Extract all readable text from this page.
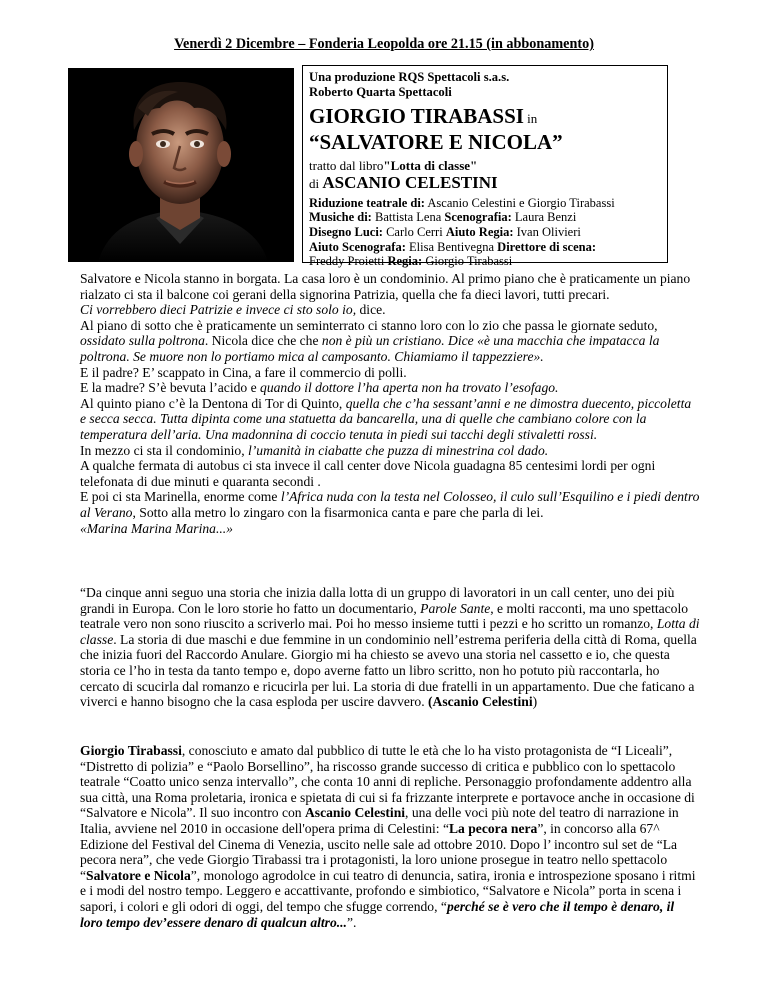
Venerdì 2 Dicembre – Fonderia Leopolda ore 21.15 (in abbonamento)
Una produzione RQS Spettacoli s.a.s.
Roberto Quarta Spettacoli
GIORGIO TIRABASSI in
“SALVATORE E NICOLA”
tratto dal libro"Lotta di classe"
di ASCANIO CELESTINI
Riduzione teatrale di: Ascanio Celestini e Giorgio Tirabassi
Musiche di: Battista Lena Scenografia: Laura Benzi
Disegno Luci: Carlo Cerri Aiuto Regia: Ivan Olivieri
Aiuto Scenografa: Elisa Bentivegna Direttore di scena:
Freddy Proietti Regia: Giorgio Tirabassi

Salvatore e Nicola stanno in borgata. La casa loro è un condominio. Al primo piano che è praticamente un piano rialzato ci sta il balcone coi gerani della signorina Patrizia, quella che fa dieci lavori, tutti precari.

Ci vorrebbero dieci Patrizie e invece ci sto solo io, dice.

Al piano di sotto che è praticamente un seminterrato ci stanno loro con lo zio che passa le giornate seduto, ossidato sulla poltrona. Nicola dice che che non è più un cristiano. Dice «è una macchia che impatacca la poltrona. Se muore non lo portiamo mica al camposanto. Chiamiamo il tappezziere».

E il padre? E’ scappato in Cina, a fare il commercio di polli.

E la madre? S’è bevuta l’acido e quando il dottore l’ha aperta non ha trovato l’esofago.

Al quinto piano c’è la Dentona di Tor di Quinto, quella che c’ha sessant’anni e ne dimostra duecento, piccoletta e secca secca. Tutta dipinta come una statuetta da bancarella, una di quelle che cambiano colore con la temperatura dell’aria. Una madonnina di coccio tenuta in piedi sui tacchi degli stivaletti rossi.

In mezzo ci sta il condominio, l’umanità in ciabatte che puzza di minestrina col dado.

A qualche fermata di autobus ci sta invece il call center dove Nicola guadagna 85 centesimi lordi per ogni telefonata di due minuti e quaranta secondi .

E poi ci sta Marinella, enorme come l’Africa nuda con la testa nel Colosseo, il culo sull’Esquilino e i piedi dentro al Verano, Sotto alla metro lo zingaro con la fisarmonica canta e pare che parla di lei.

«Marina Marina Marina...»

“Da cinque anni seguo una storia che inizia dalla lotta di un gruppo di lavoratori in un call center, uno dei più grandi in Europa. Con le loro storie ho fatto un documentario, Parole Sante, e molti racconti, ma uno spettacolo teatrale vero non sono riuscito a scriverlo mai. Poi ho messo insieme tutti i pezzi e ho scritto un romanzo, Lotta di classe. La storia di due maschi e due femmine in un condominio nell’estrema periferia della città di Roma, quella che inizia fuori del Raccordo Anulare. Giorgio mi ha chiesto se avevo una storia nel cassetto e io, che questa storia ce l’ho in testa da tanto tempo e, dopo averne fatto un libro scritto, non ho potuto più raccontarla, ho cercato di scucirla dal romanzo e ricucirla per lui. La storia di due fratelli in un appartamento. Due che faticano a viverci e hanno bisogno che la casa esploda per uscire davvero. (Ascanio Celestini)

Giorgio Tirabassi, conosciuto e amato dal pubblico di tutte le età che lo ha visto protagonista de “I Liceali”, “Distretto di polizia” e “Paolo Borsellino”, ha riscosso grande successo di critica e pubblico con lo spettacolo teatrale “Coatto unico senza intervallo”, che conta 10 anni di repliche. Personaggio profondamente addentro alla sua città, una Roma proletaria, ironica e spietata di cui si fa frizzante interprete e portavoce anche in occasione di “Salvatore e Nicola”. Il suo incontro con Ascanio Celestini, una delle voci più note del teatro di narrazione in Italia, avviene nel 2010 in occasione dell'opera prima di Celestini: “La pecora nera”, in concorso alla 67^ Edizione del Festival del Cinema di Venezia, uscito nelle sale ad ottobre 2010. Dopo l’ incontro sul set de “La pecora nera”, che vede Giorgio Tirabassi tra i protagonisti, la loro unione prosegue in teatro nello spettacolo “Salvatore e Nicola”, monologo agrodolce in cui teatro di denuncia, satira, ironia e introspezione sposano i ritmi e i modi del nostro tempo. Leggero e accattivante, profondo e simbiotico, “Salvatore e Nicola” porta in scena i sapori, i colori e gli odori di oggi, del tempo che sfugge correndo, “perché se è vero che il tempo è denaro, il loro tempo dev’essere denaro di qualcun altro...”.
